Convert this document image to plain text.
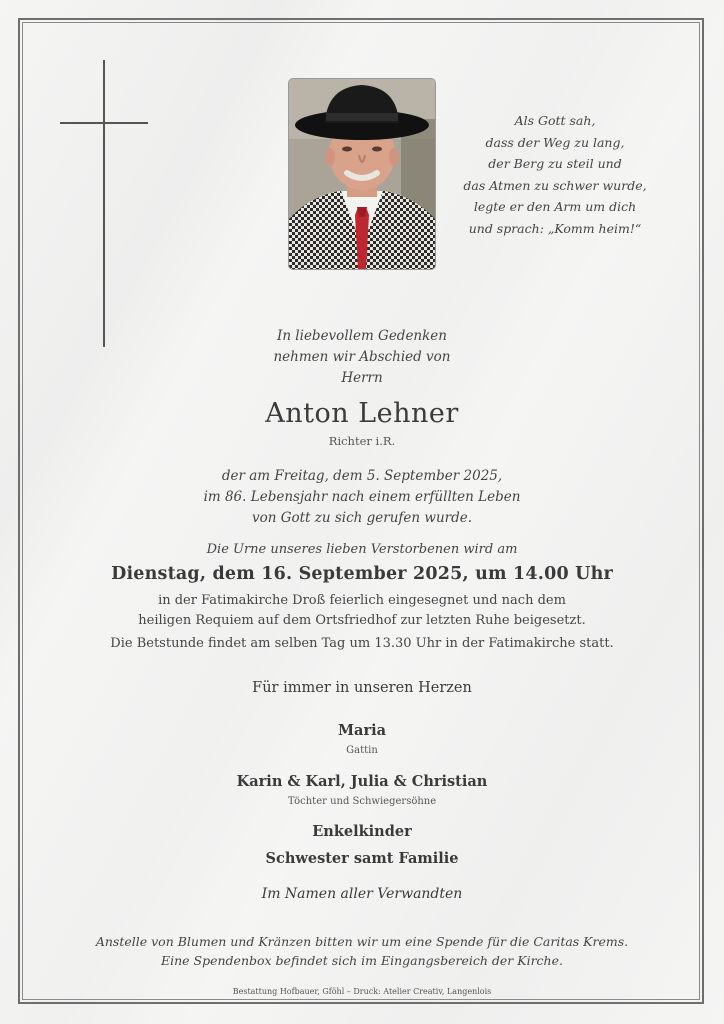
Als Gott sah,
dass der Weg zu lang,
der Berg zu steil und
das Atmen zu schwer wurde,
legte er den Arm um dich
und sprach: „Komm heim!“
In liebevollem Gedenken
nehmen wir Abschied von
Herrn
Anton Lehner
Richter i.R.
der am Freitag, dem 5. September 2025,
im 86. Lebensjahr nach einem erfüllten Leben
von Gott zu sich gerufen wurde.
Die Urne unseres lieben Verstorbenen wird am
Dienstag, dem 16. September 2025, um 14.00 Uhr
in der Fatimakirche Droß feierlich eingesegnet und nach dem
heiligen Requiem auf dem Ortsfriedhof zur letzten Ruhe beigesetzt.
Die Betstunde findet am selben Tag um 13.30 Uhr in der Fatimakirche statt.
Für immer in unseren Herzen
Maria
Gattin
Karin & Karl, Julia & Christian
Töchter und Schwiegersöhne
Enkelkinder
Schwester samt Familie
Im Namen aller Verwandten
Anstelle von Blumen und Kränzen bitten wir um eine Spende für die Caritas Krems.
Eine Spendenbox befindet sich im Eingangsbereich der Kirche.
Bestattung Hofbauer, Gföhl – Druck: Atelier Creativ, Langenlois
